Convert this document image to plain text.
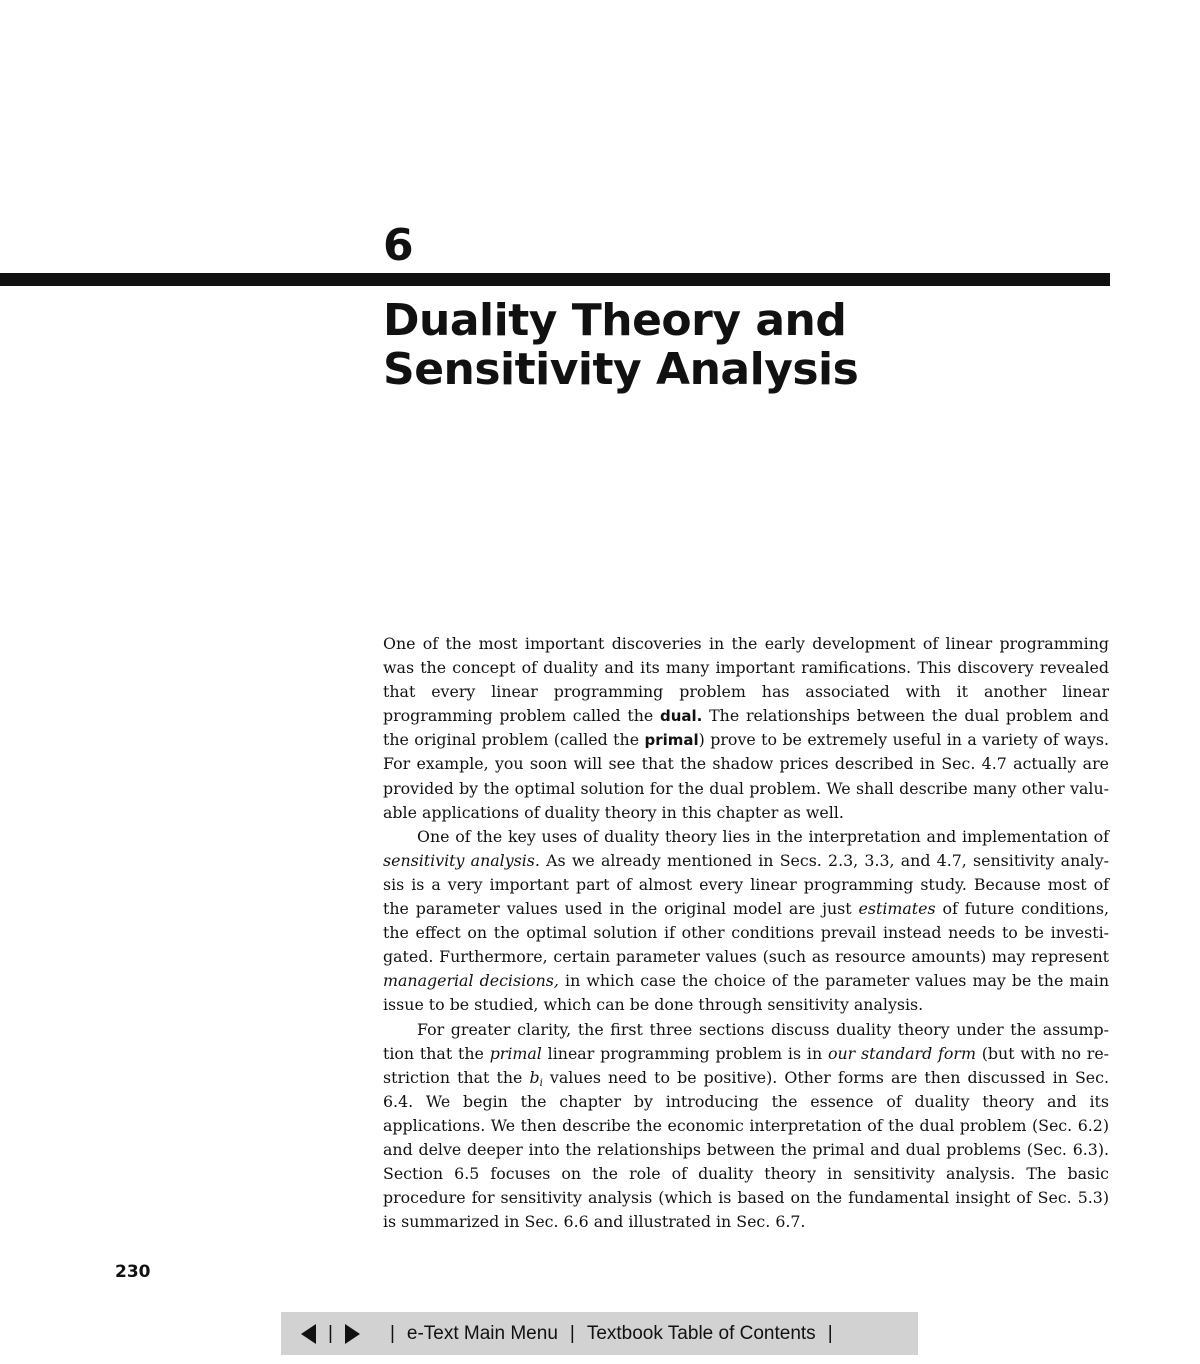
6
Duality Theory and
Sensitivity Analysis

One of the most important discoveries in the early development of linear programming was the concept of duality and its many important ramifications. This discovery revealed that every linear programming problem has associated with it another linear programming problem called the dual. The relationships between the dual problem and the original problem (called the primal) prove to be extremely useful in a variety of ways. For example, you soon will see that the shadow prices described in Sec. 4.7 actually are provided by the optimal solution for the dual problem. We shall describe many other valuable applications of duality theory in this chapter as well.

One of the key uses of duality theory lies in the interpretation and implementation of sensitivity analysis. As we already mentioned in Secs. 2.3, 3.3, and 4.7, sensitivity analysis is a very important part of almost every linear programming study. Because most of the parameter values used in the original model are just estimates of future conditions, the effect on the optimal solution if other conditions prevail instead needs to be investigated. Furthermore, certain parameter values (such as resource amounts) may represent managerial decisions, in which case the choice of the parameter values may be the main issue to be studied, which can be done through sensitivity analysis.

For greater clarity, the first three sections discuss duality theory under the assumption that the primal linear programming problem is in our standard form (but with no restriction that the $b_i$ values need to be positive). Other forms are then discussed in Sec. 6.4. We begin the chapter by introducing the essence of duality theory and its applications. We then describe the economic interpretation of the dual problem (Sec. 6.2) and delve deeper into the relationships between the primal and dual problems (Sec. 6.3). Section 6.5 focuses on the role of duality theory in sensitivity analysis. The basic procedure for sensitivity analysis (which is based on the fundamental insight of Sec. 5.3) is summarized in Sec. 6.6 and illustrated in Sec. 6.7.

230
|	| e-Text Main Menu | Textbook Table of Contents |
